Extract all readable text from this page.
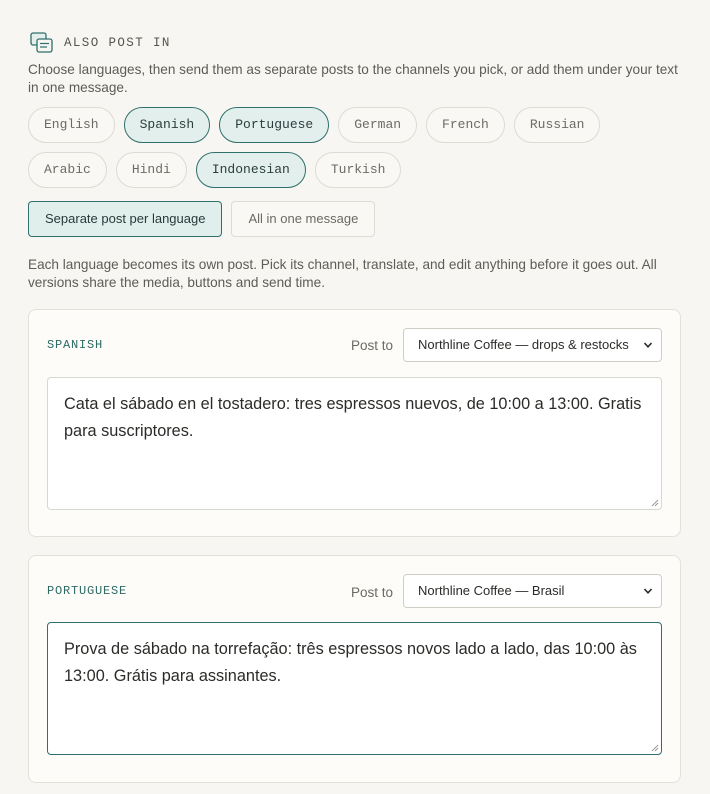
ALSO POST IN

Choose languages, then send them as separate posts to the channels you pick, or add them under your text in one message.

English	Spanish	Portuguese	German	French	Russian
Arabic	Hindi	Indonesian	Turkish
Separate post per language	All in one message

Each language becomes its own post. Pick its channel, translate, and edit anything before it goes out. All versions share the media, buttons and send time.

SPANISH	Post to	Northline Coffee — drops & restocks
Cata el sábado en el tostadero: tres espressos nuevos, de 10:00 a 13:00. Gratis para suscriptores.
PORTUGUESE	Post to	Northline Coffee — Brasil
Prova de sábado na torrefação: três espressos novos lado a lado, das 10:00 às 13:00. Grátis para assinantes.
